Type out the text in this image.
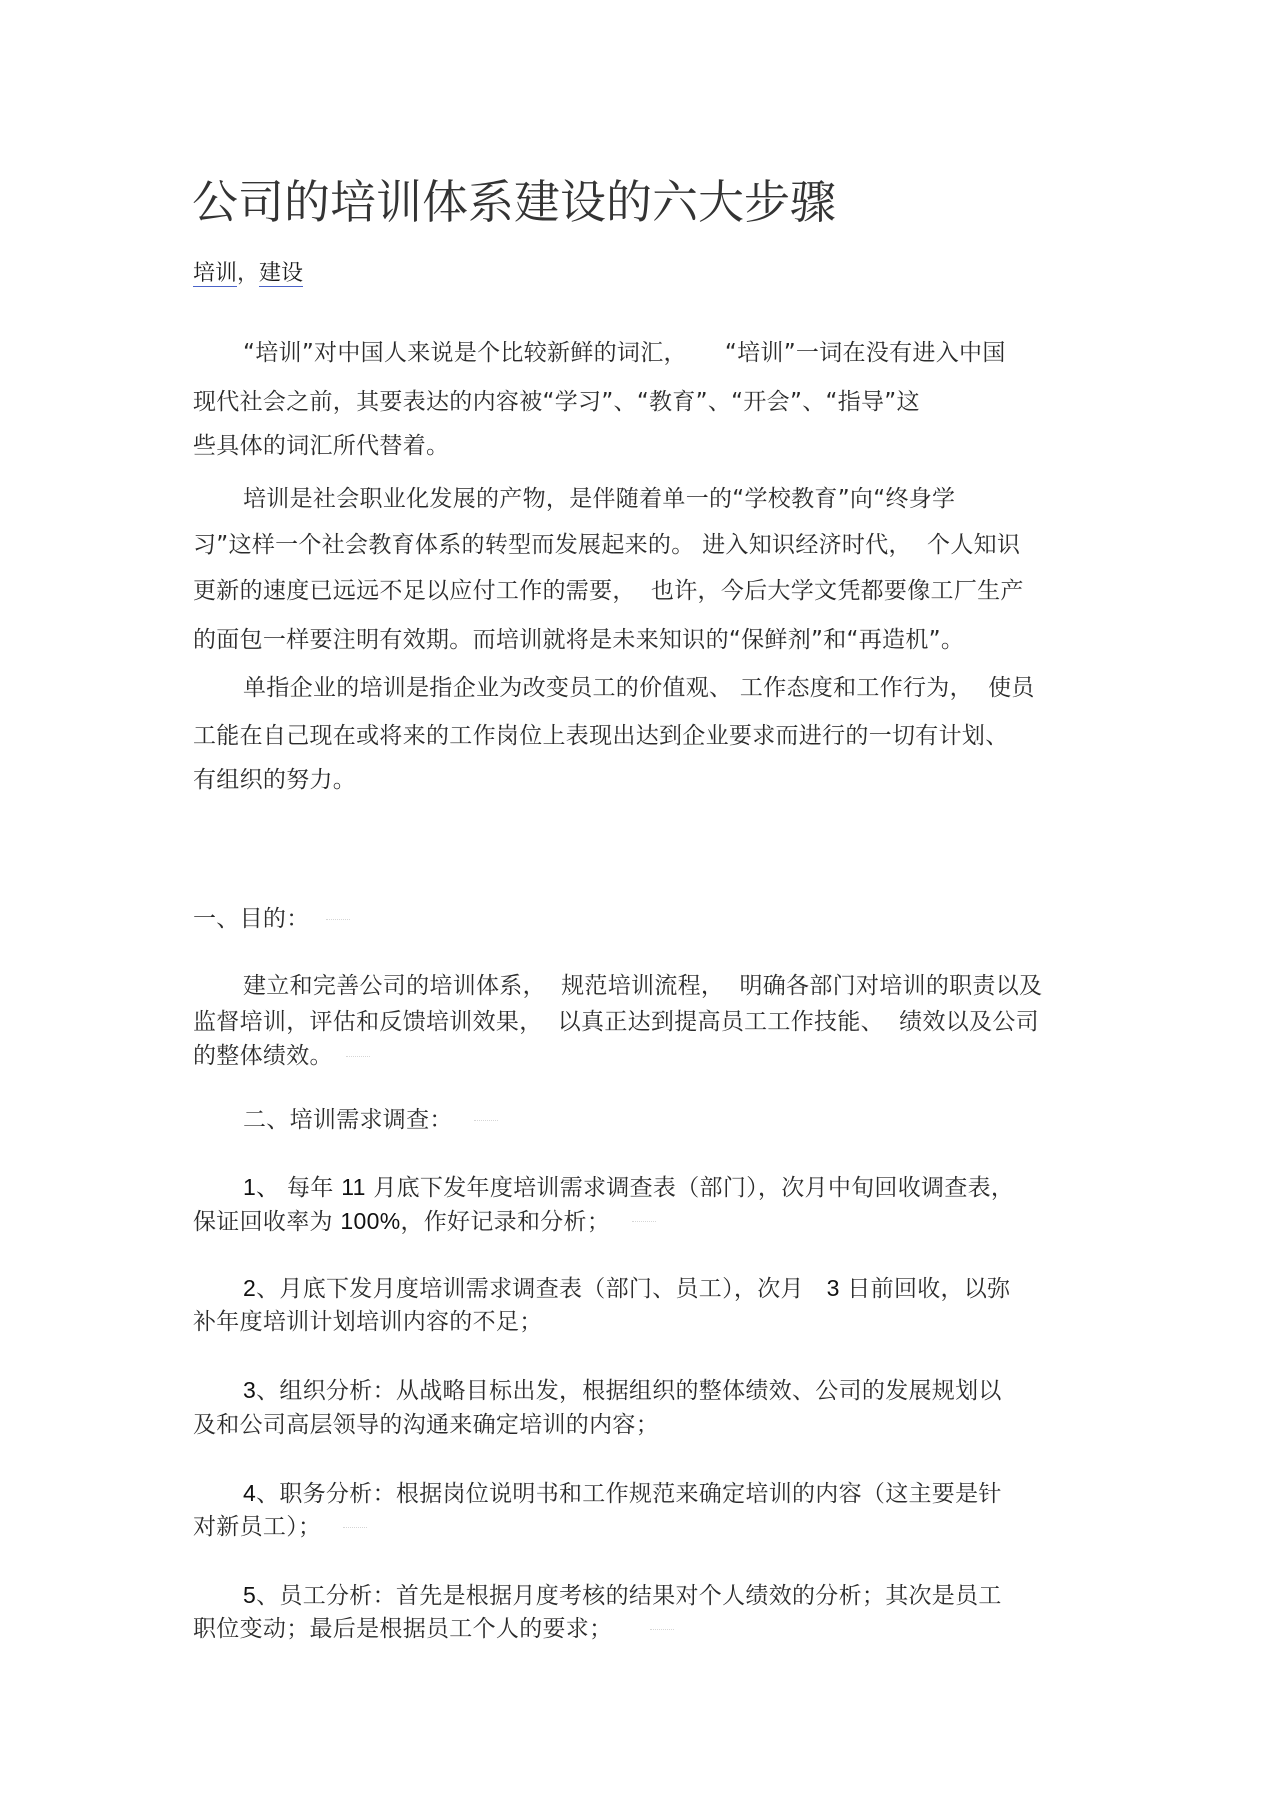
公司的培训体系建设的六大步骤
培训，建设
“培训”对中国人来说是个比较新鲜的词汇，     “培训”一词在没有进入中国
现代社会之前，其要表达的内容被“学习”、“教育”、“开会”、“指导”这
些具体的词汇所代替着。
培训是社会职业化发展的产物，是伴随着单一的“学校教育”向“终身学
习”这样一个社会教育体系的转型而发展起来的。 进入知识经济时代，  个人知识
更新的速度已远远不足以应付工作的需要，  也许，今后大学文凭都要像工厂生产
的面包一样要注明有效期。而培训就将是未来知识的“保鲜剂”和“再造机”。
单指企业的培训是指企业为改变员工的价值观、 工作态度和工作行为，  使员
工能在自己现在或将来的工作岗位上表现出达到企业要求而进行的一切有计划、
有组织的努力。
一、目的：
建立和完善公司的培训体系，  规范培训流程，  明确各部门对培训的职责以及
监督培训，评估和反馈培训效果，  以真正达到提高员工工作技能、  绩效以及公司
的整体绩效。
二、培训需求调查：
1、 每年 11 月底下发年度培训需求调查表（部门），次月中旬回收调查表，
保证回收率为 100%，作好记录和分析；
2、月底下发月度培训需求调查表（部门、员工），次月   3 日前回收，以弥
补年度培训计划培训内容的不足；
3、组织分析：从战略目标出发，根据组织的整体绩效、公司的发展规划以
及和公司高层领导的沟通来确定培训的内容；
4、职务分析：根据岗位说明书和工作规范来确定培训的内容（这主要是针
对新员工）；
5、员工分析：首先是根据月度考核的结果对个人绩效的分析；其次是员工
职位变动；最后是根据员工个人的要求；
